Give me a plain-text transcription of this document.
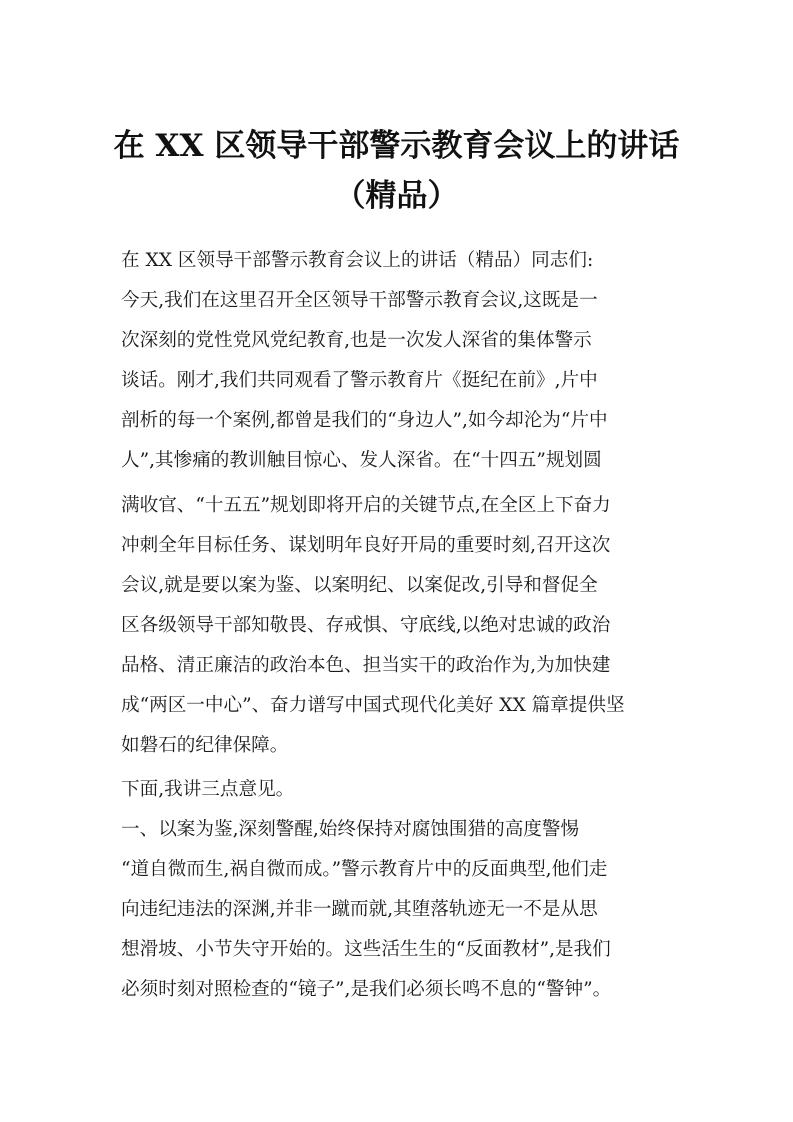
在 XX 区领导干部警示教育会议上的讲话
（精品）
在 XX 区领导干部警示教育会议上的讲话（精品）同志们:
今天,我们在这里召开全区领导干部警示教育会议,这既是一
次深刻的党性党风党纪教育,也是一次发人深省的集体警示
谈话。刚才,我们共同观看了警示教育片《挺纪在前》,片中
剖析的每一个案例,都曾是我们的“身边人”,如今却沦为“片中
人”,其惨痛的教训触目惊心、发人深省。在“十四五”规划圆
满收官、“十五五”规划即将开启的关键节点,在全区上下奋力
冲刺全年目标任务、谋划明年良好开局的重要时刻,召开这次
会议,就是要以案为鉴、以案明纪、以案促改,引导和督促全
区各级领导干部知敬畏、存戒惧、守底线,以绝对忠诚的政治
品格、清正廉洁的政治本色、担当实干的政治作为,为加快建
成“两区一中心”、奋力谱写中国式现代化美好 XX 篇章提供坚
如磐石的纪律保障。
下面,我讲三点意见。
一、以案为鉴,深刻警醒,始终保持对腐蚀围猎的高度警惕
“道自微而生,祸自微而成。”警示教育片中的反面典型,他们走
向违纪违法的深渊,并非一蹴而就,其堕落轨迹无一不是从思
想滑坡、小节失守开始的。这些活生生的“反面教材”,是我们
必须时刻对照检查的“镜子”,是我们必须长鸣不息的“警钟”。
